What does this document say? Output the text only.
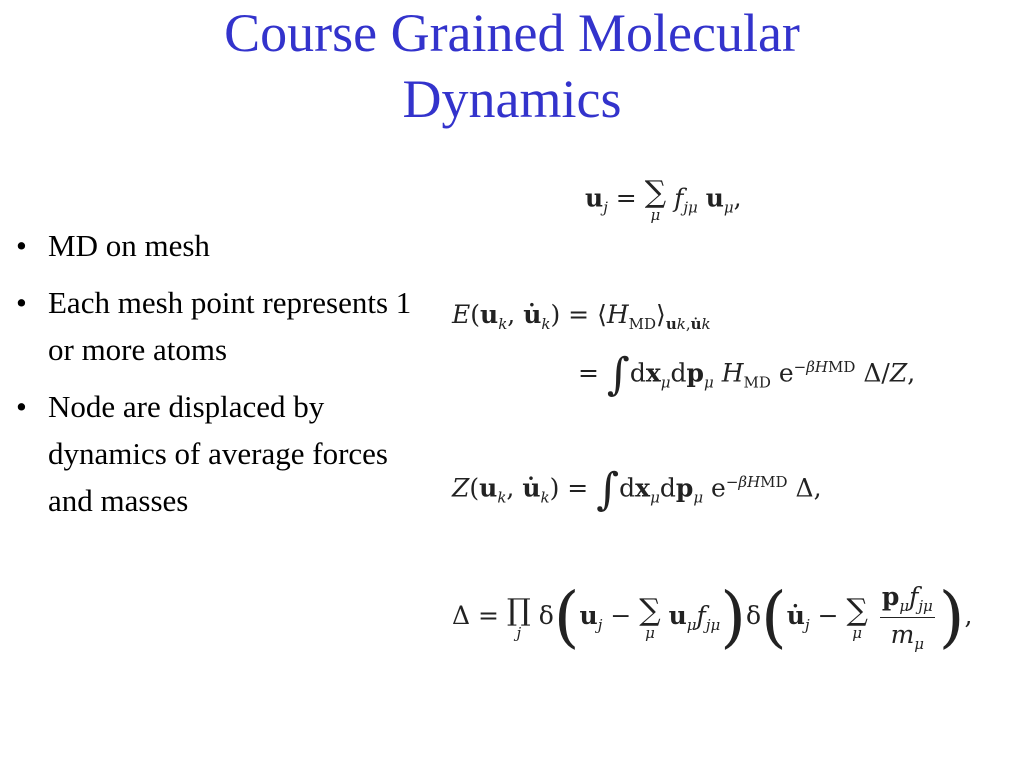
Course Grained Molecular
Dynamics
• MD on mesh
• Each mesh point represents 1 or more atoms
• Node are displaced by dynamics of average forces and masses
$u_j$ = ∑
μ
$f_{j\mu}$ $u_\mu$,
$E(u_k$, $u̇_k$) = $⟨H_{MD}⟩_{uk,u̇k}$
= $\int dx_\mu dp_\mu$ $H_{MD}$ $e^{-\beta HMD}$ Δ/Z,
$Z(u_k$, $u̇_k) = \int dx_\mu dp_\mu$ $e^{-\beta HMD}$ Δ,
Δ = ∏
j
$\delta(u_j$ − ∑
μ
$u_\mu f_{j\mu})\delta(u̇_j$ − ∑
μ
$\frac{p_\mu f_{j\mu}}{m_\mu}$ ),
